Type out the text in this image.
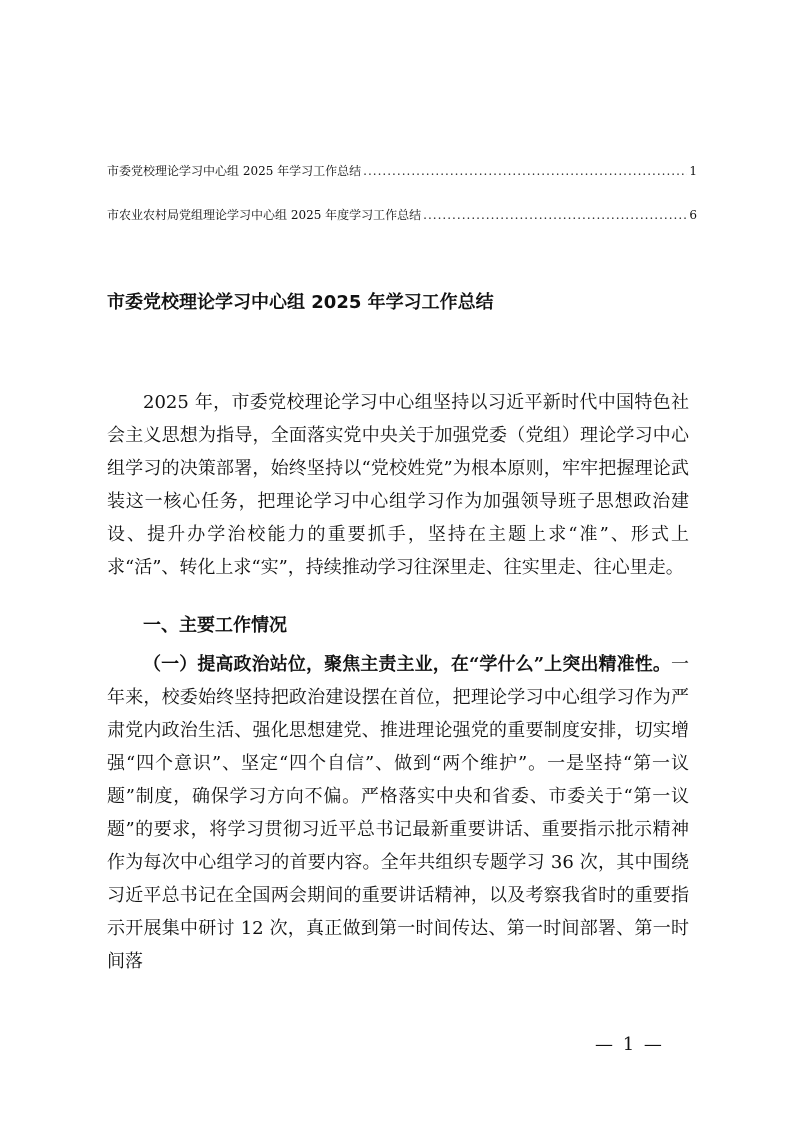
市委党校理论学习中心组 2025 年学习工作总结 .....	1
市农业农村局党组理论学习中心组 2025 年度学习工作总结 .....	6
市委党校理论学习中心组 2025 年学习工作总结

2025 年，市委党校理论学习中心组坚持以习近平新时代中国特色社会主义思想为指导，全面落实党中央关于加强党委（党组）理论学习中心组学习的决策部署，始终坚持以“党校姓党”为根本原则，牢牢把握理论武装这一核心任务，把理论学习中心组学习作为加强领导班子思想政治建设、提升办学治校能力的重要抓手，坚持在主题上求“准”、形式上求“活”、转化上求“实”，持续推动学习往深里走、往实里走、往心里走。

一、主要工作情况

（一）提高政治站位，聚焦主责主业，在“学什么”上突出精准性。一年来，校委始终坚持把政治建设摆在首位，把理论学习中心组学习作为严肃党内政治生活、强化思想建党、推进理论强党的重要制度安排，切实增强“四个意识”、坚定“四个自信”、做到“两个维护”。一是坚持“第一议题”制度，确保学习方向不偏。严格落实中央和省委、市委关于“第一议题”的要求，将学习贯彻习近平总书记最新重要讲话、重要指示批示精神作为每次中心组学习的首要内容。全年共组织专题学习 36 次，其中围绕习近平总书记在全国两会期间的重要讲话精神，以及考察我省时的重要指示开展集中研讨 12 次，真正做到第一时间传达、第一时间部署、第一时间落

— 1 —
